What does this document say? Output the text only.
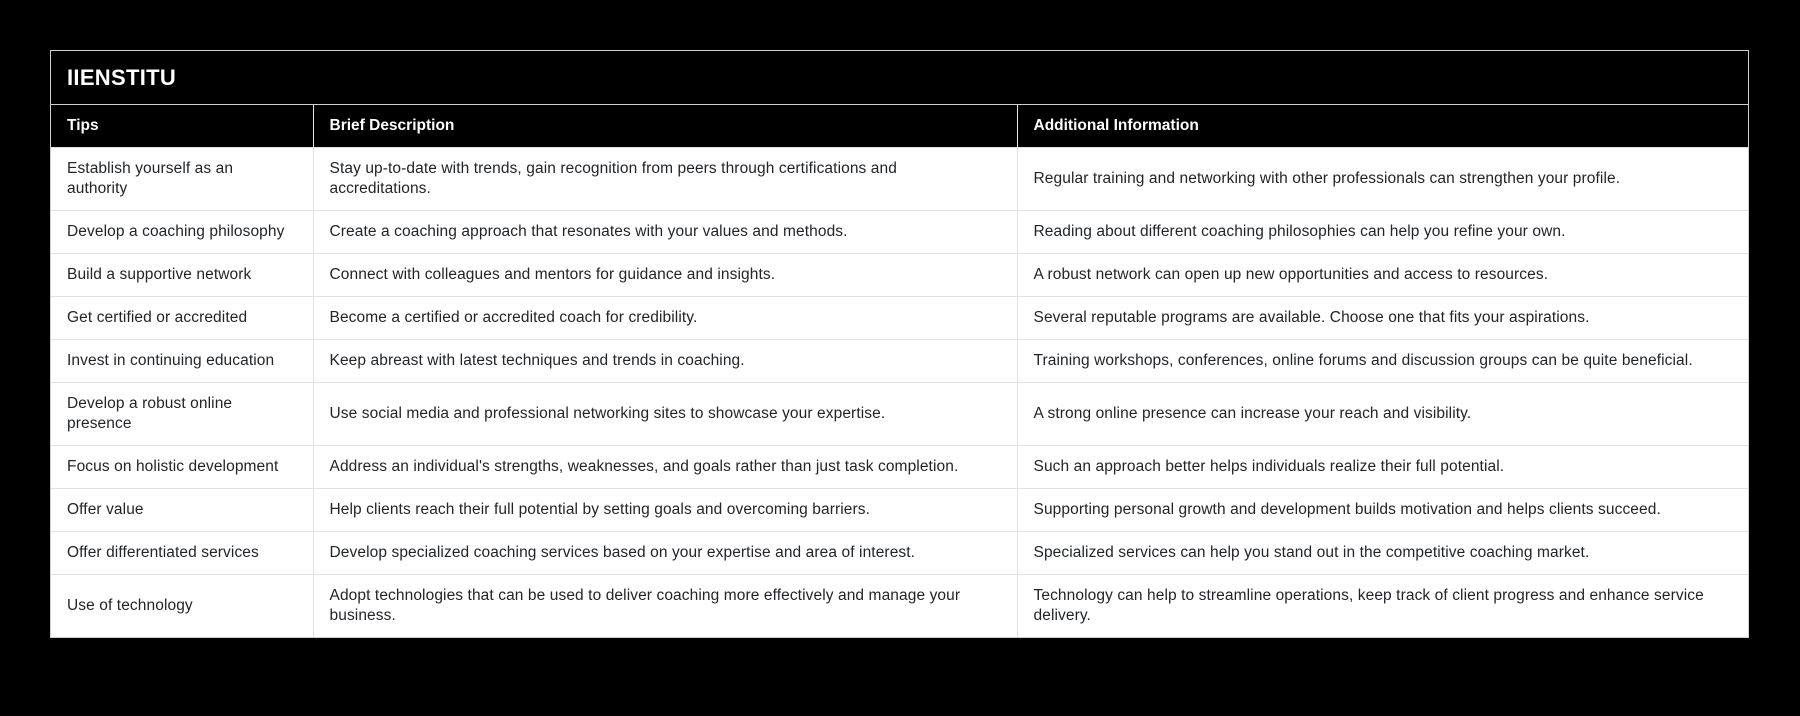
IIENSTITU
Tips	Brief Description	Additional Information
Establish yourself as an authority	Stay up-to-date with trends, gain recognition from peers through certifications and accreditations.	Regular training and networking with other professionals can strengthen your profile.
Develop a coaching philosophy	Create a coaching approach that resonates with your values and methods.	Reading about different coaching philosophies can help you refine your own.
Build a supportive network	Connect with colleagues and mentors for guidance and insights.	A robust network can open up new opportunities and access to resources.
Get certified or accredited	Become a certified or accredited coach for credibility.	Several reputable programs are available. Choose one that fits your aspirations.
Invest in continuing education	Keep abreast with latest techniques and trends in coaching.	Training workshops, conferences, online forums and discussion groups can be quite beneficial.
Develop a robust online presence	Use social media and professional networking sites to showcase your expertise.	A strong online presence can increase your reach and visibility.
Focus on holistic development	Address an individual's strengths, weaknesses, and goals rather than just task completion.	Such an approach better helps individuals realize their full potential.
Offer value	Help clients reach their full potential by setting goals and overcoming barriers.	Supporting personal growth and development builds motivation and helps clients succeed.
Offer differentiated services	Develop specialized coaching services based on your expertise and area of interest.	Specialized services can help you stand out in the competitive coaching market.
Use of technology	Adopt technologies that can be used to deliver coaching more effectively and manage your business.	Technology can help to streamline operations, keep track of client progress and enhance service delivery.
